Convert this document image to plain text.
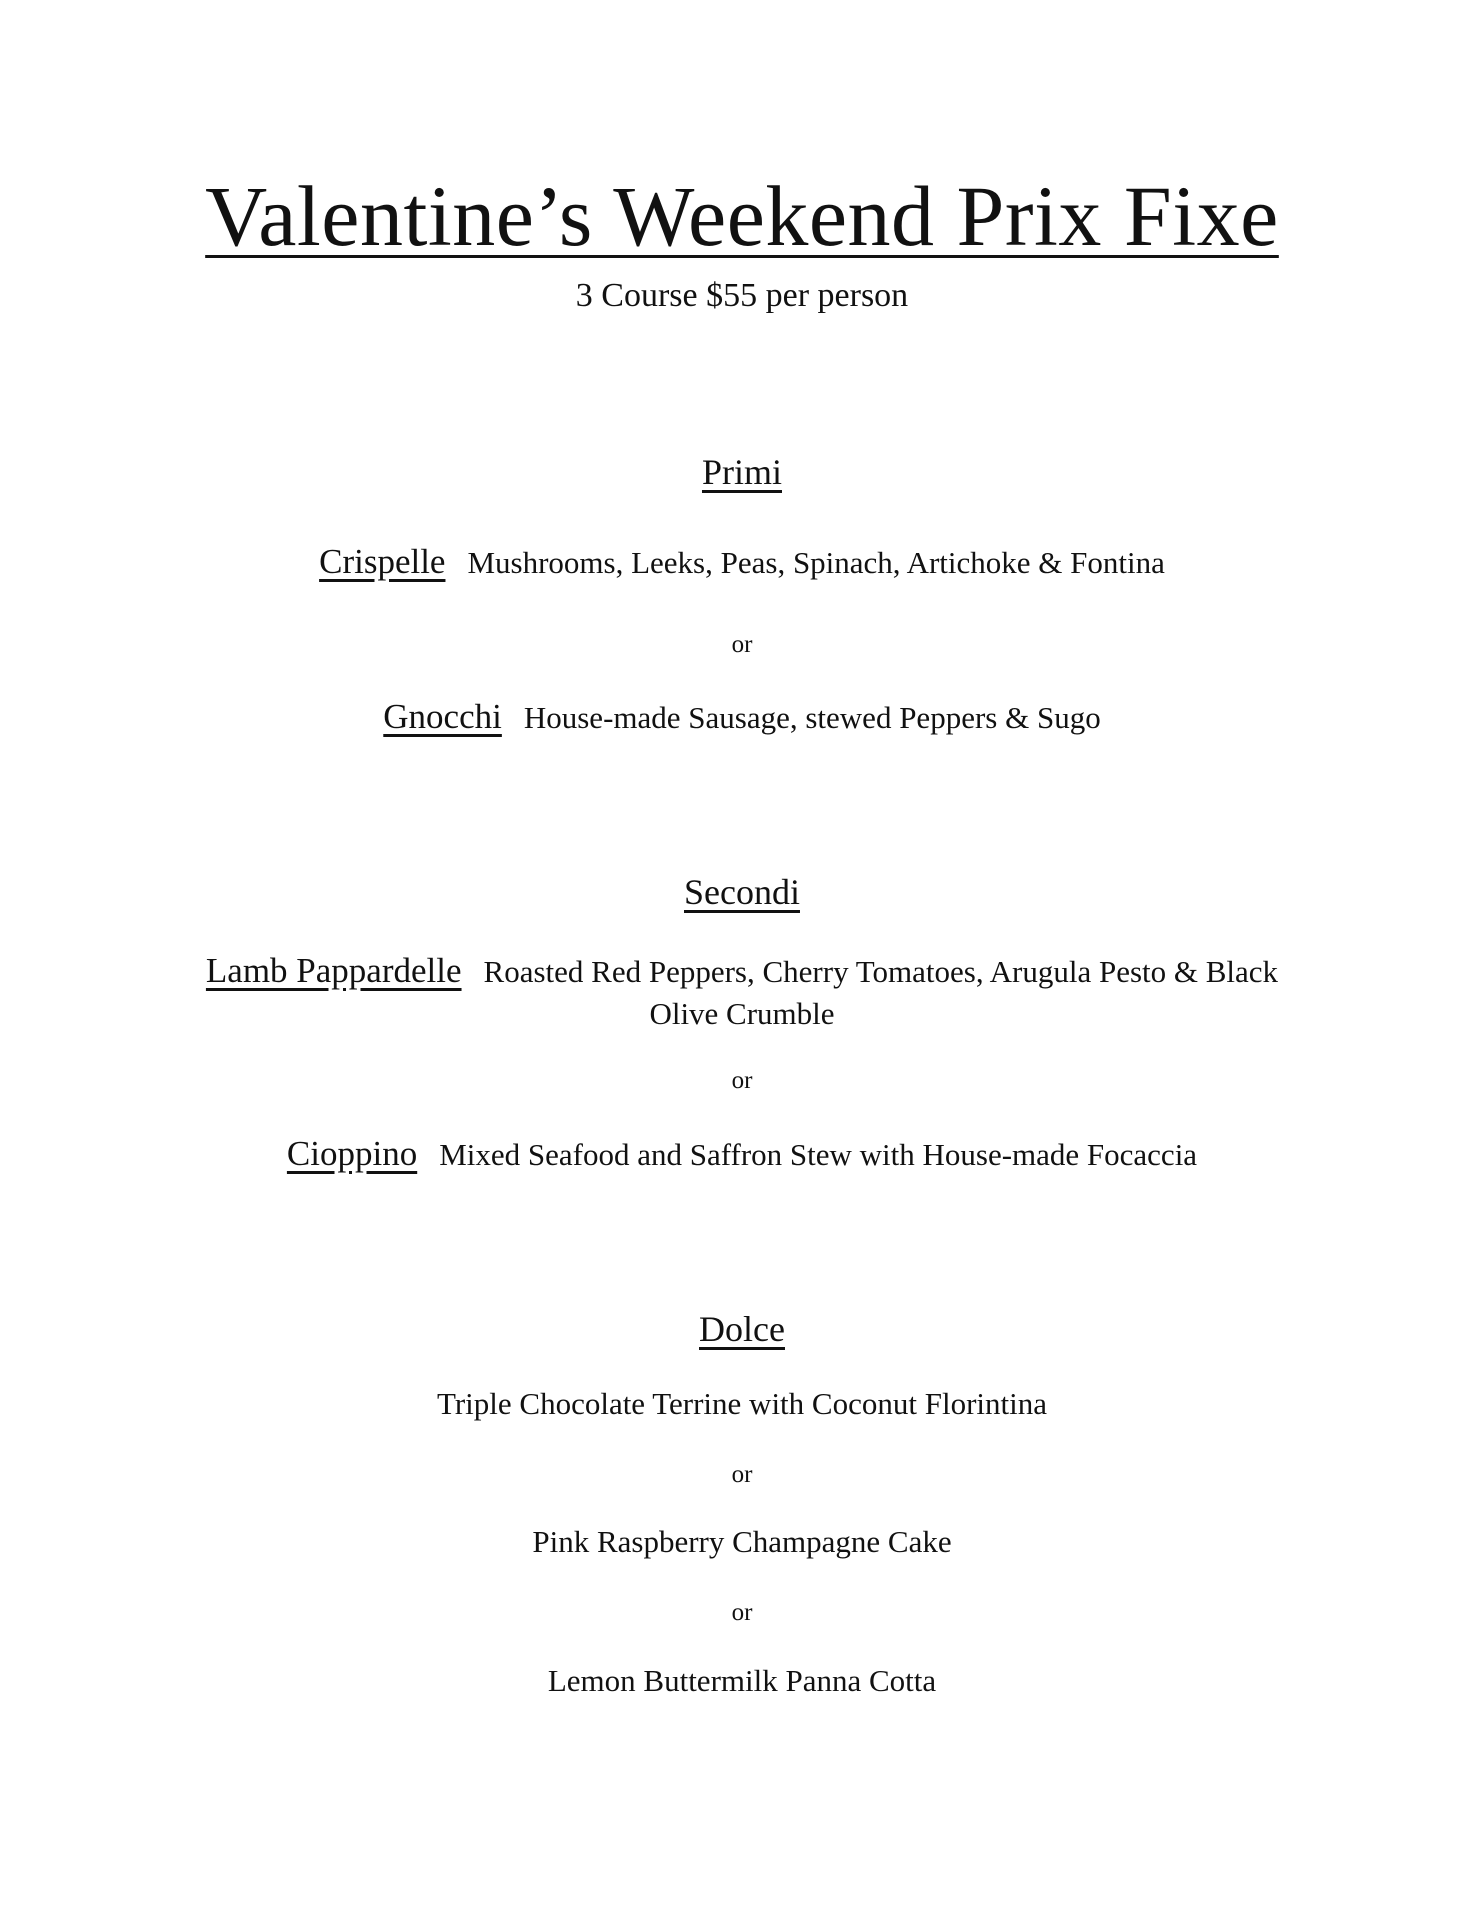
Valentine’s Weekend Prix Fixe
3 Course $55 per person
Primi
Crispelle Mushrooms, Leeks, Peas, Spinach, Artichoke & Fontina
or
Gnocchi House-made Sausage, stewed Peppers & Sugo
Secondi
Lamb Pappardelle Roasted Red Peppers, Cherry Tomatoes, Arugula Pesto & Black Olive Crumble
or
Cioppino Mixed Seafood and Saffron Stew with House-made Focaccia
Dolce
Triple Chocolate Terrine with Coconut Florintina
or
Pink Raspberry Champagne Cake
or
Lemon Buttermilk Panna Cotta
